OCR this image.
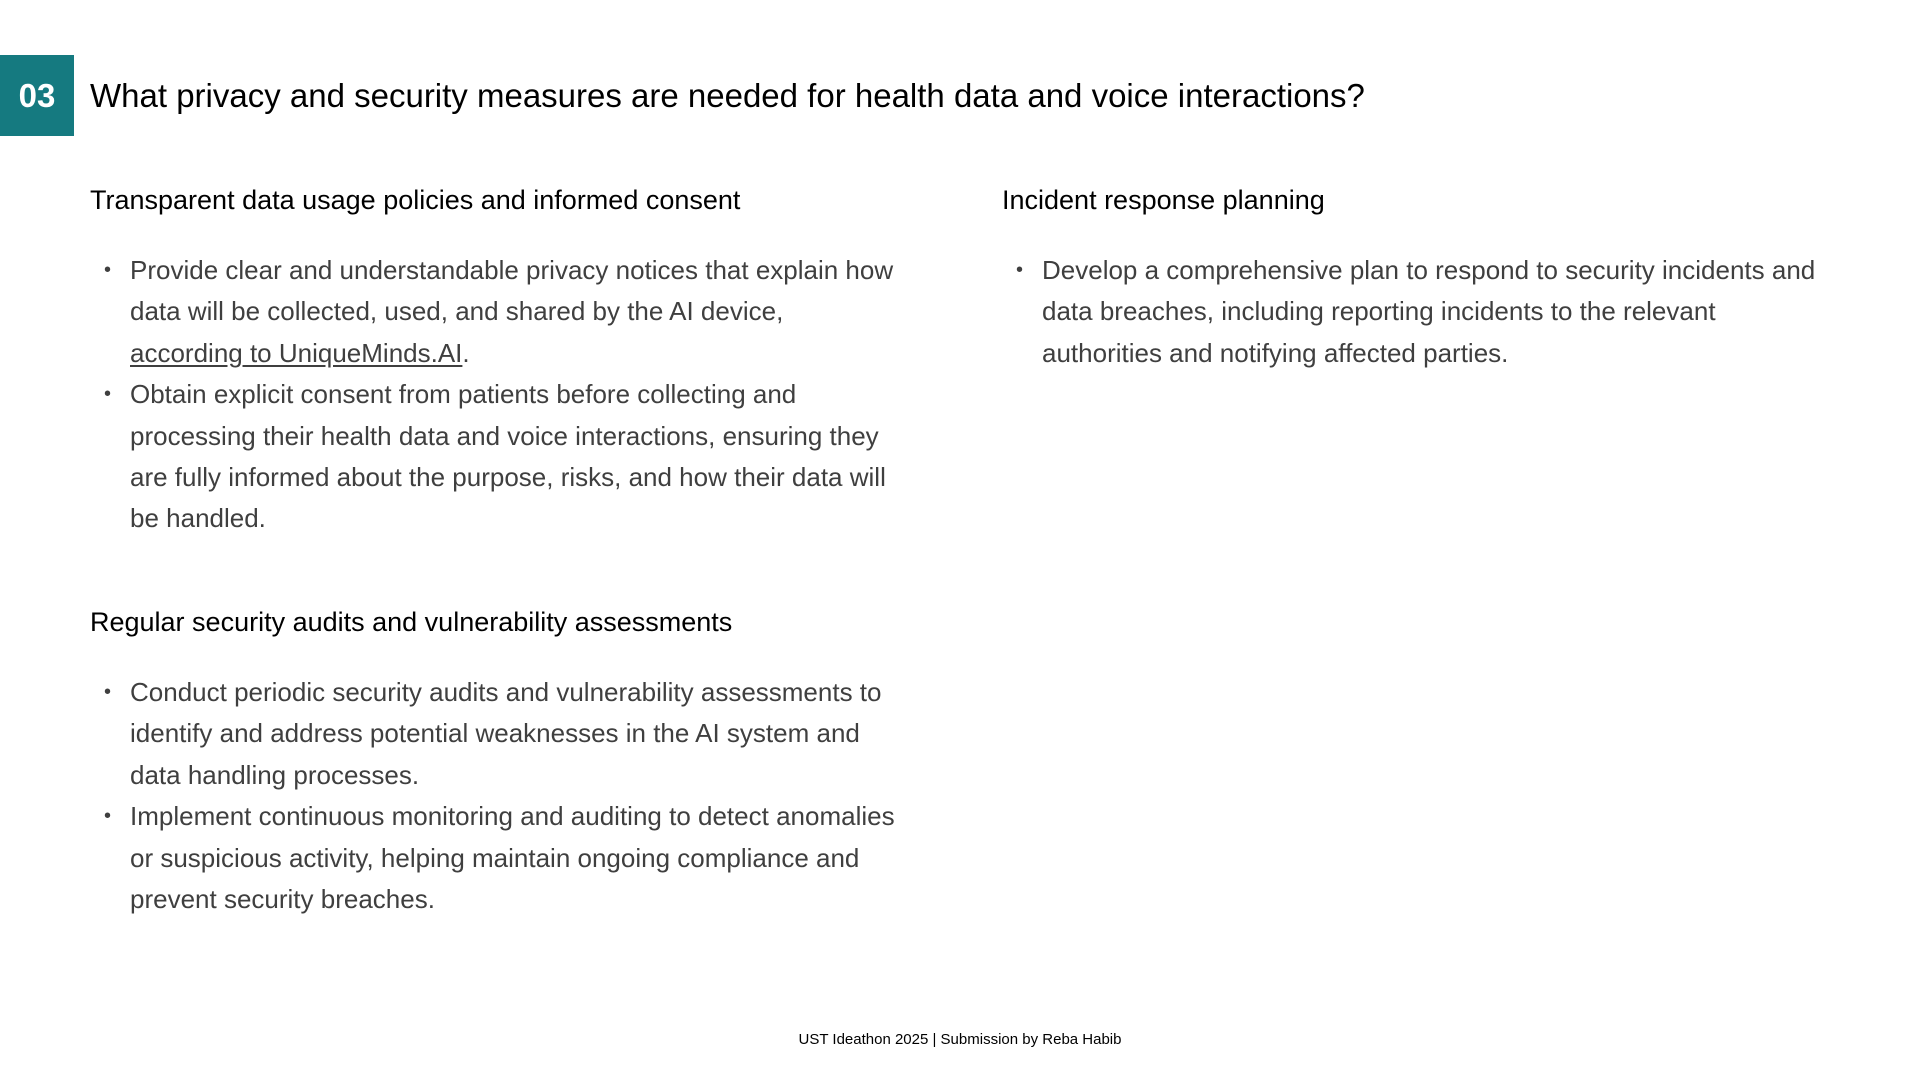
03	What privacy and security measures are needed for health data and voice interactions?
Transparent data usage policies and informed consent
• Provide clear and understandable privacy notices that explain how data will be collected, used, and shared by the AI device, according to UniqueMinds.AI.
• Obtain explicit consent from patients before collecting and processing their health data and voice interactions, ensuring they are fully informed about the purpose, risks, and how their data will be handled.
Regular security audits and vulnerability assessments
• Conduct periodic security audits and vulnerability assessments to identify and address potential weaknesses in the AI system and data handling processes.
• Implement continuous monitoring and auditing to detect anomalies or suspicious activity, helping maintain ongoing compliance and prevent security breaches.
Incident response planning
• Develop a comprehensive plan to respond to security incidents and data breaches, including reporting incidents to the relevant authorities and notifying affected parties.
UST Ideathon 2025 | Submission by Reba Habib
